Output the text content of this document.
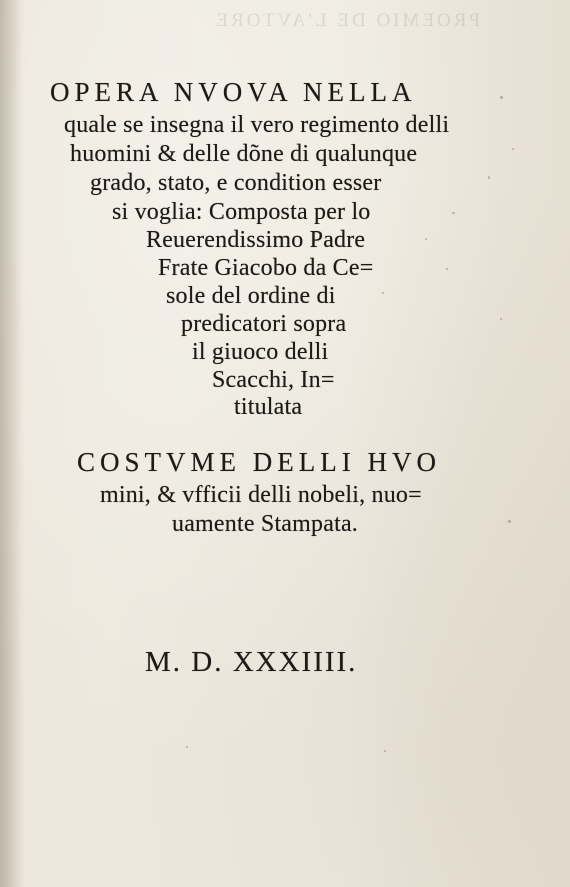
PROEMIO DE L'AVTORE

OPERA NVOVA NELLA
quale se insegna il vero regimento delli
huomini & delle dõne di qualunque
grado, stato, e condition esser
si voglia: Composta per lo
Reuerendissimo Padre
Frate Giacobo da Ce=
sole del ordine di
predicatori sopra
il giuoco delli
Scacchi, In=
titulata
COSTVME DELLI HVO
mini, & vfficii delli nobeli, nuo=
uamente Stampata.
M. D. XXXIIII.
